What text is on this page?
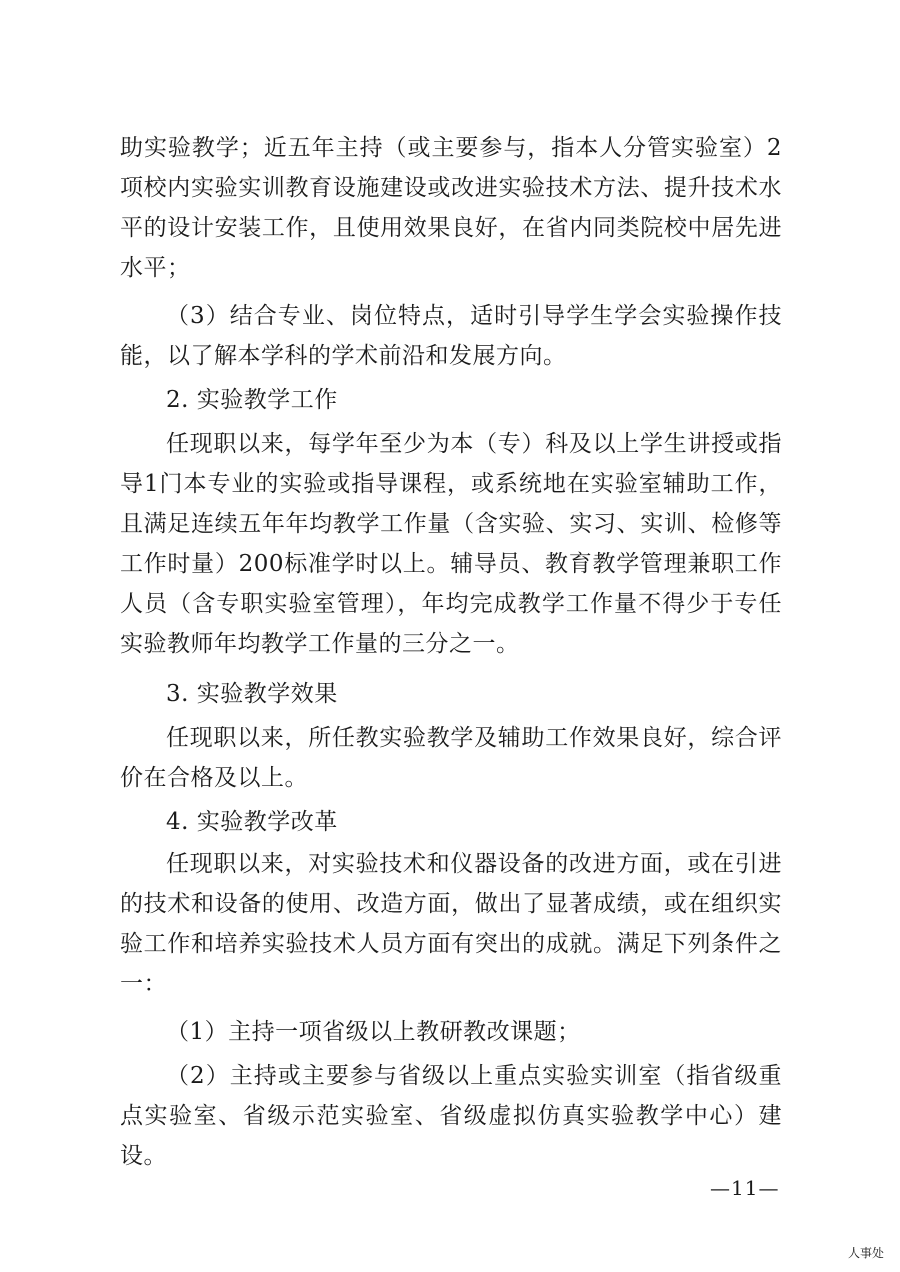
助实验教学；近五年主持（或主要参与，指本人分管实验室）2项校内实验实训教育设施建设或改进实验技术方法、提升技术水平的设计安装工作，且使用效果良好，在省内同类院校中居先进水平；

（3）结合专业、岗位特点，适时引导学生学会实验操作技能，以了解本学科的学术前沿和发展方向。

2. 实验教学工作

任现职以来，每学年至少为本（专）科及以上学生讲授或指导1门本专业的实验或指导课程，或系统地在实验室辅助工作，且满足连续五年年均教学工作量（含实验、实习、实训、检修等工作时量）200标准学时以上。辅导员、教育教学管理兼职工作人员（含专职实验室管理），年均完成教学工作量不得少于专任实验教师年均教学工作量的三分之一。

3. 实验教学效果

任现职以来，所任教实验教学及辅助工作效果良好，综合评价在合格及以上。

4. 实验教学改革

任现职以来，对实验技术和仪器设备的改进方面，或在引进的技术和设备的使用、改造方面，做出了显著成绩，或在组织实验工作和培养实验技术人员方面有突出的成就。满足下列条件之一：

（1）主持一项省级以上教研教改课题；

（2）主持或主要参与省级以上重点实验实训室（指省级重点实验室、省级示范实验室、省级虚拟仿真实验教学中心）建设。

—11—
人事处
